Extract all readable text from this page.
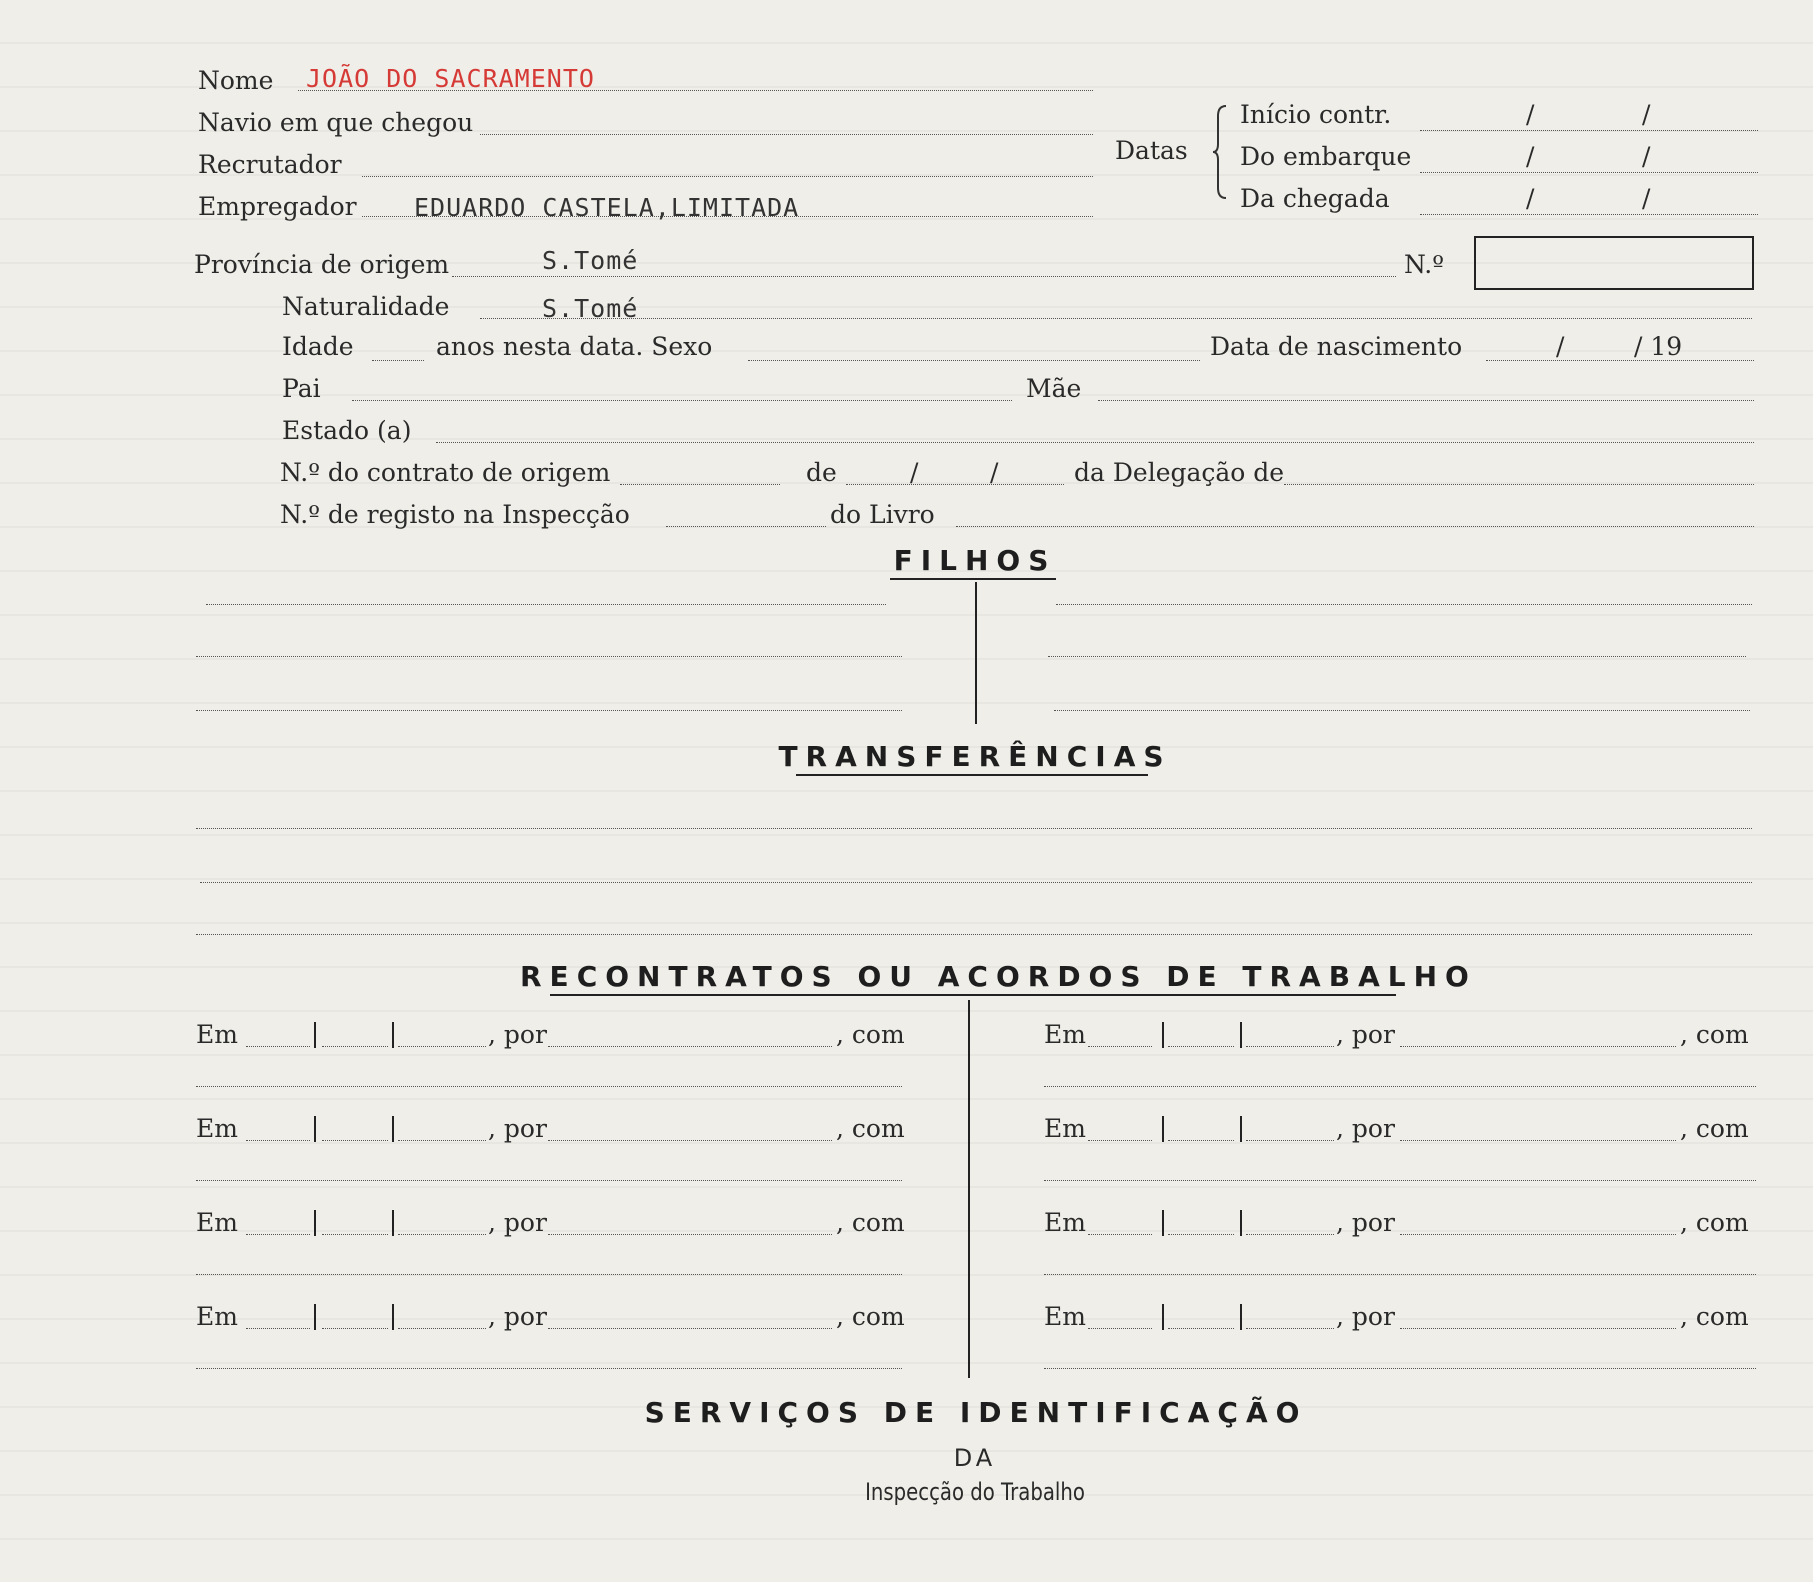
Nome JOÃO DO SACRAMENTO
Navio em que chegou
Recrutador
Empregador EDUARDO CASTELA,LIMITADA
Datas
Início contr.	/	/
Do embarque	/	/
Da chegada	/	/
Província de origem	S.Tomé	N.º
Naturalidade	S.Tomé
Idade	anos nesta data. Sexo	Data de nascimento	/	/ 19
Pai	Mãe
Estado (a)
N.º do contrato de origem	de	/	/	da Delegação de
N.º de registo na Inspecção	do Livro
FILHOS
TRANSFERÊNCIAS
RECONTRATOS OU ACORDOS DE TRABALHO
Em	, por	, com	Em	, por	, com
Em	, por	, com	Em	, por	, com
Em	, por	, com	Em	, por	, com
Em	, por	, com	Em	, por	, com
SERVIÇOS DE IDENTIFICAÇÃO
DA
Inspecção do Trabalho
